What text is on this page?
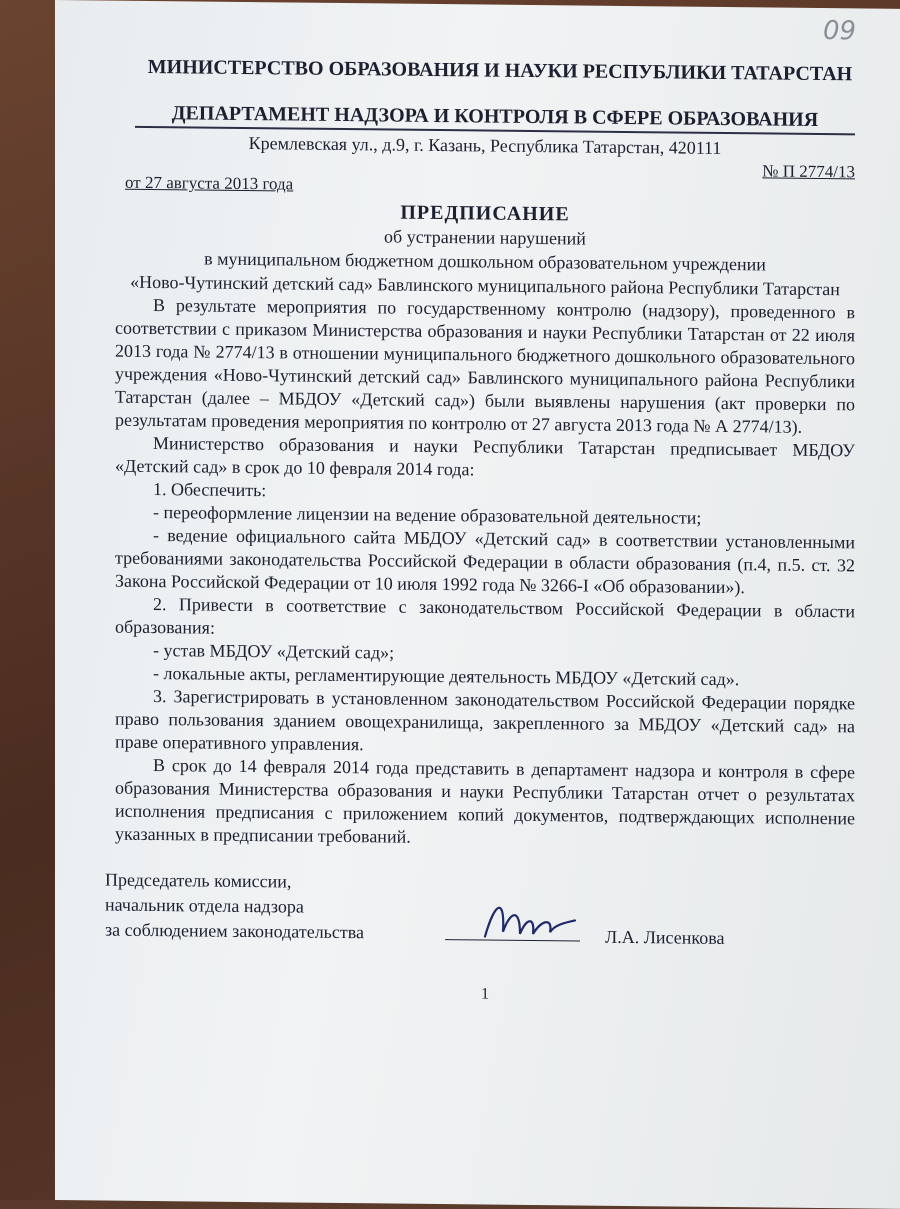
09
МИНИСТЕРСТВО ОБРАЗОВАНИЯ И НАУКИ РЕСПУБЛИКИ ТАТАРСТАН
ДЕПАРТАМЕНТ НАДЗОРА И КОНТРОЛЯ В СФЕРЕ ОБРАЗОВАНИЯ
Кремлевская ул., д.9, г. Казань, Республика Татарстан, 420111
№ П 2774/13
от 27 августа 2013 года
ПРЕДПИСАНИЕ
об устранении нарушений
в муниципальном бюджетном дошкольном образовательном учреждении
«Ново-Чутинский детский сад» Бавлинского муниципального района Республики Татарстан
В результате мероприятия по государственному контролю (надзору), проведенного в соответствии с приказом Министерства образования и науки Республики Татарстан от 22 июля 2013 года № 2774/13 в отношении муниципального бюджетного дошкольного образовательного учреждения «Ново-Чутинский детский сад» Бавлинского муниципального района Республики Татарстан (далее – МБДОУ «Детский сад») были выявлены нарушения (акт проверки по результатам проведения мероприятия по контролю от 27 августа 2013 года № А 2774/13).
Министерство образования и науки Республики Татарстан предписывает МБДОУ «Детский сад» в срок до 10 февраля 2014 года:
1. Обеспечить:
- переоформление лицензии на ведение образовательной деятельности;
- ведение официального сайта МБДОУ «Детский сад» в соответствии установленными требованиями законодательства Российской Федерации в области образования (п.4, п.5. ст. 32 Закона Российской Федерации от 10 июля 1992 года № 3266-I «Об образовании»).
2. Привести в соответствие с законодательством Российской Федерации в области образования:
- устав МБДОУ «Детский сад»;
- локальные акты, регламентирующие деятельность МБДОУ «Детский сад».
3. Зарегистрировать в установленном законодательством Российской Федерации порядке право пользования зданием овощехранилища, закрепленного за МБДОУ «Детский сад» на праве оперативного управления.
В срок до 14 февраля 2014 года представить в департамент надзора и контроля в сфере образования Министерства образования и науки Республики Татарстан отчет о результатах исполнения предписания с приложением копий документов, подтверждающих исполнение указанных в предписании требований.
Председатель комиссии,
начальник отдела надзора
за соблюдением законодательства	Л.А. Лисенкова
1
